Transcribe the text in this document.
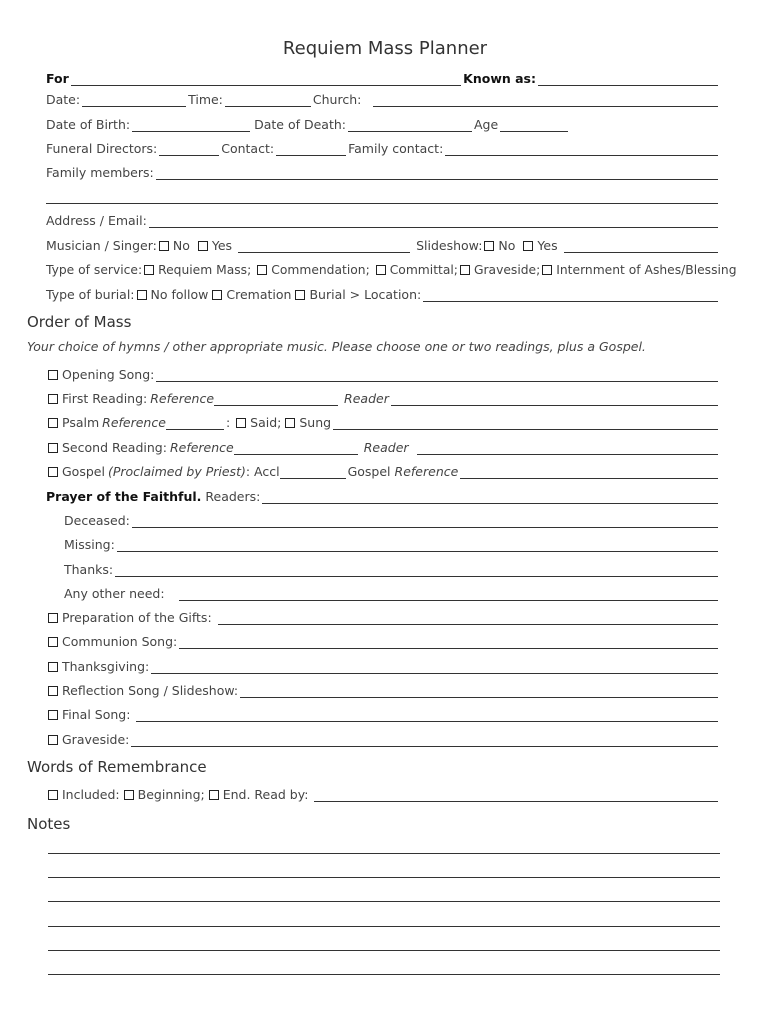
Requiem Mass Planner
For	Known as:
Date:	Time:	Church:
Date of Birth:	Date of Death:	Age
Funeral Directors:	Contact:	Family contact:
Family members:
Address / Email:
Musician / Singer: No Yes	Slideshow: No Yes
Type of service: Requiem Mass; Commendation; Committal; Graveside; Internment of Ashes/Blessing
Type of burial: No follow Cremation Burial > Location:
Order of Mass
Your choice of hymns / other appropriate music. Please choose one or two readings, plus a Gospel.
Opening Song:
First Reading: Reference	Reader
Psalm Reference	: Said; Sung
Second Reading: Reference	Reader
Gospel (Proclaimed by Priest) : Accl	Gospel Reference
Prayer of the Faithful. Readers:
Deceased:
Missing:
Thanks:
Any other need:
Preparation of the Gifts:
Communion Song:
Thanksgiving:
Reflection Song / Slideshow:
Final Song:
Graveside:
Words of Remembrance
Included: Beginning; End. Read by:
Notes
